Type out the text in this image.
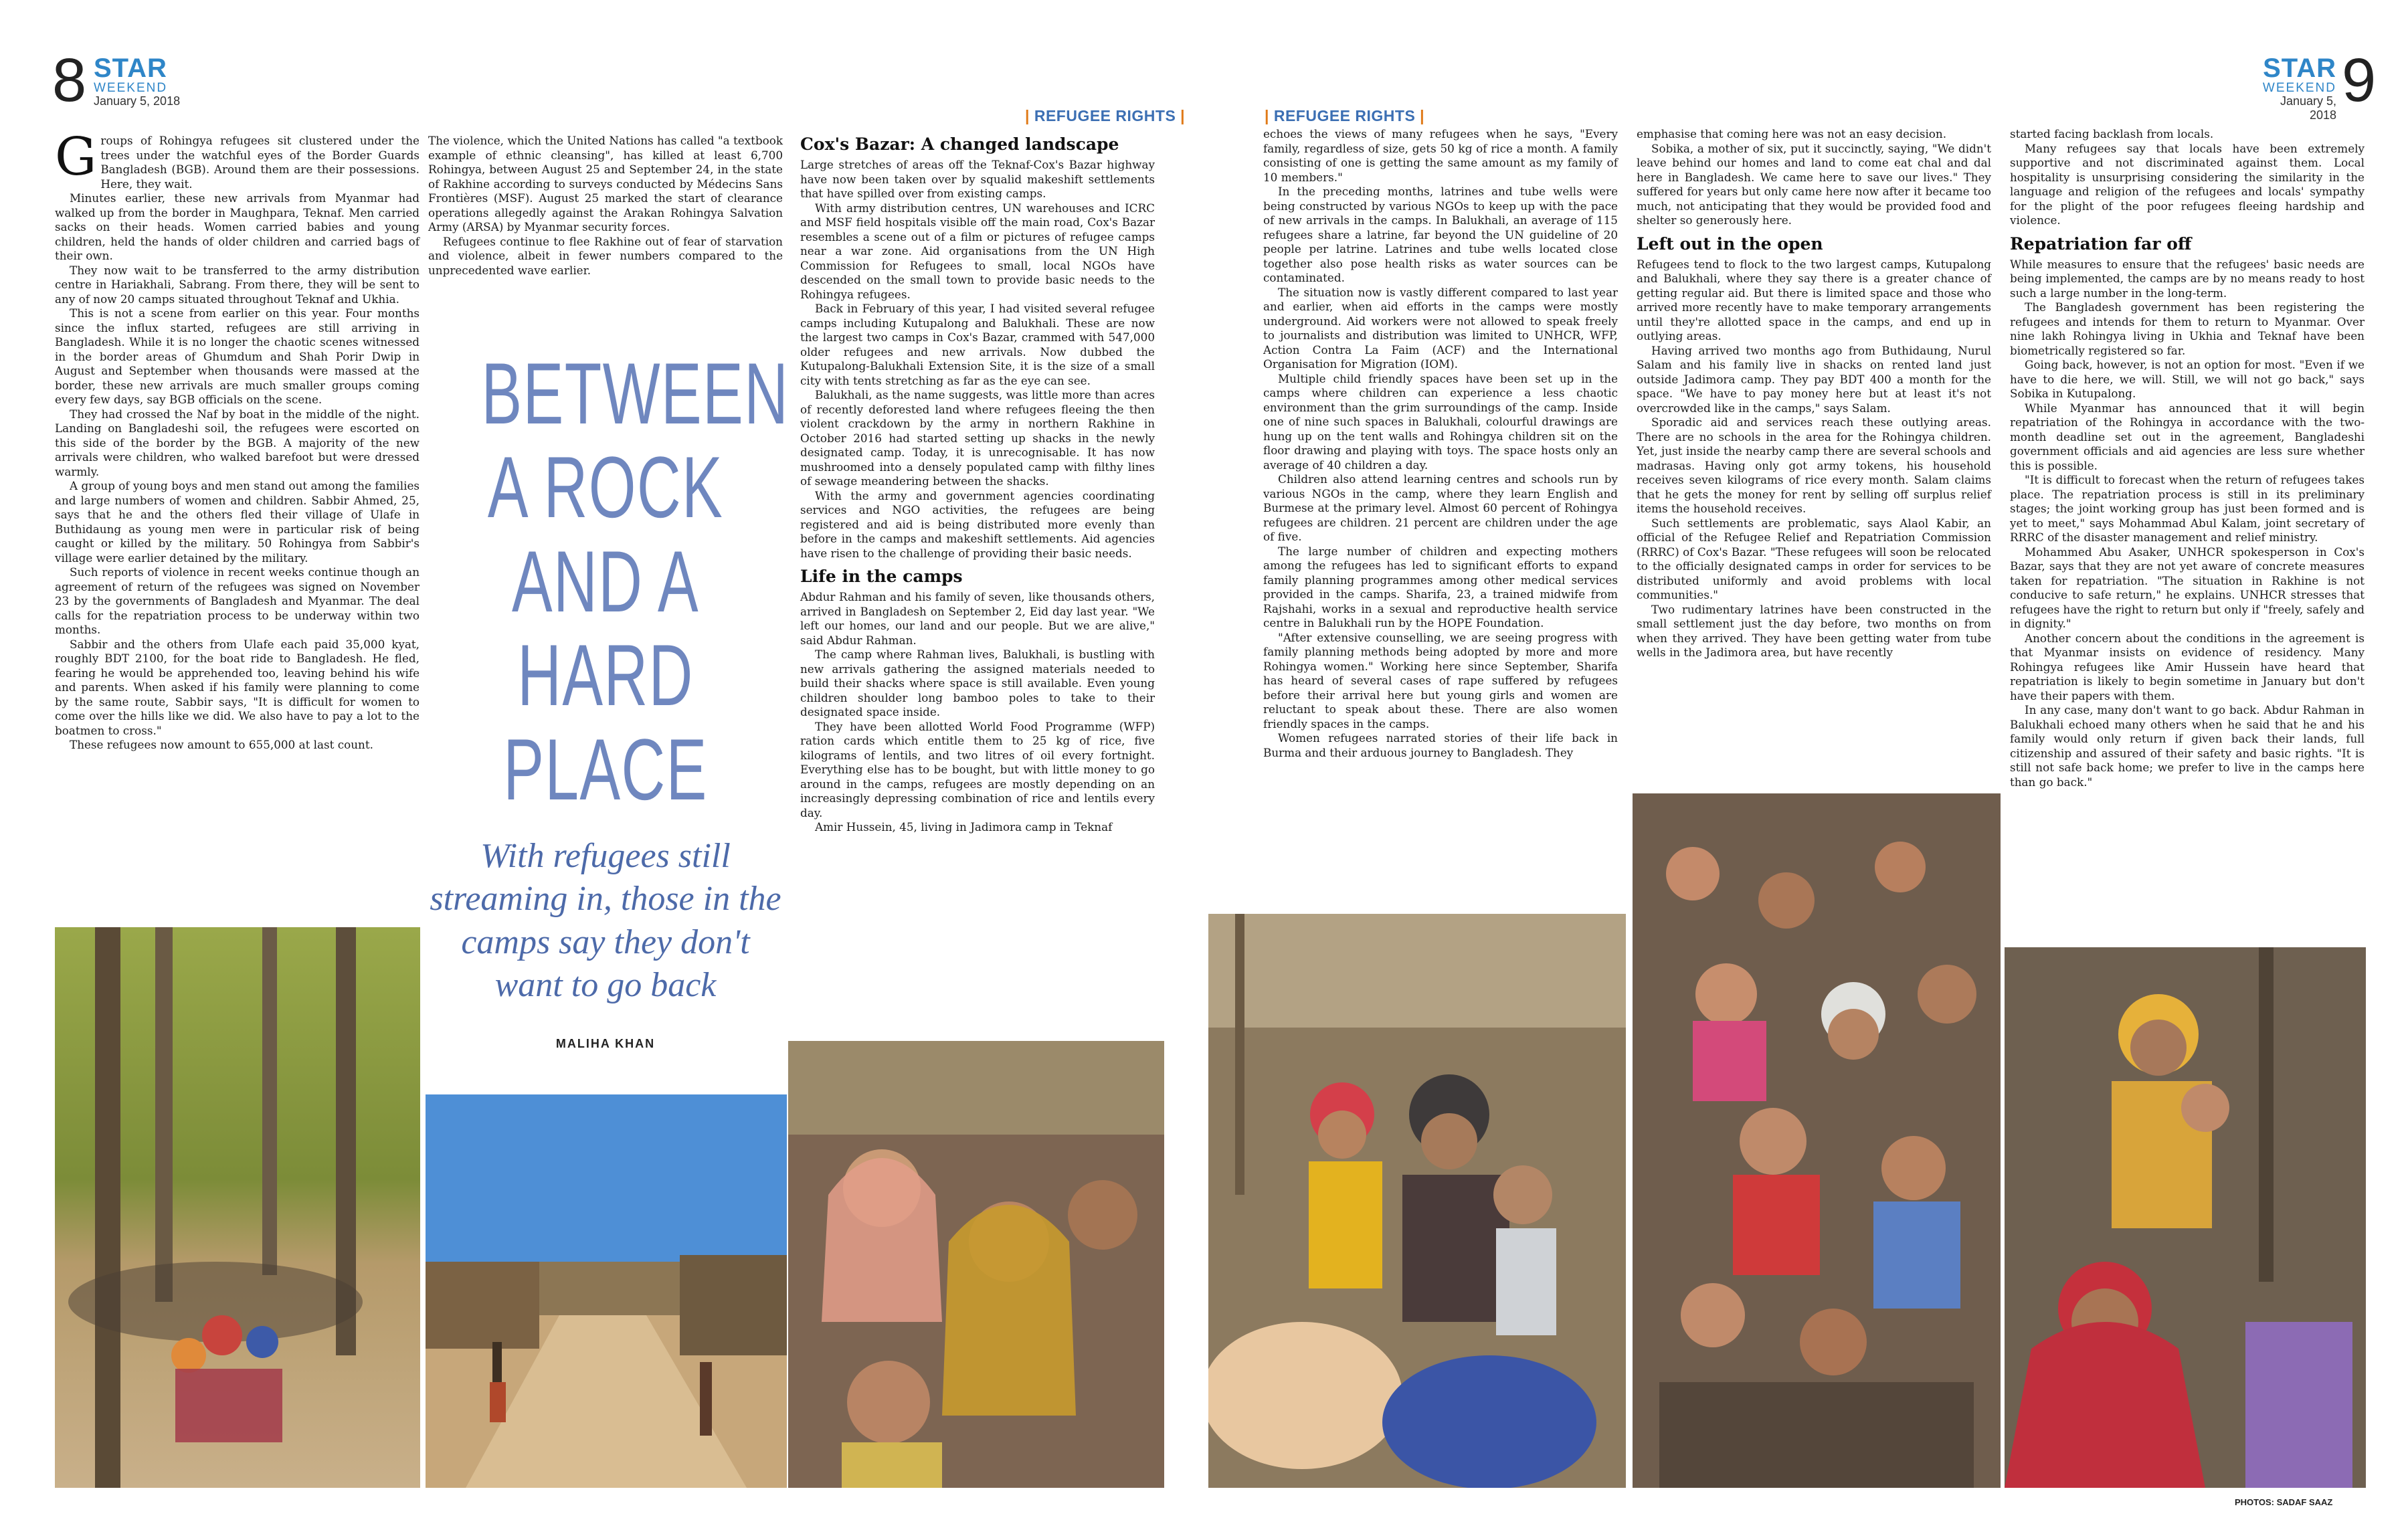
8 STAR
WEEKEND
January 5, 2018
STAR
WEEKEND
January 5, 2018
9
| REFUGEE RIGHTS |	| REFUGEE RIGHTS |

Groups of Rohingya refugees sit clustered under the trees under the watchful eyes of the Border Guards Bangladesh (BGB). Around them are their possessions. Here, they wait.

Minutes earlier, these new arrivals from Myanmar had walked up from the border in Maughpara, Teknaf. Men carried sacks on their heads. Women carried babies and young children, held the hands of older children and carried bags of their own.

They now wait to be transferred to the army distribution centre in Hariakhali, Sabrang. From there, they will be sent to any of now 20 camps situated throughout Teknaf and Ukhia.

This is not a scene from earlier on this year. Four months since the influx started, refugees are still arriving in Bangladesh. While it is no longer the chaotic scenes witnessed in the border areas of Ghumdum and Shah Porir Dwip in August and September when thousands were massed at the border, these new arrivals are much smaller groups coming every few days, say BGB officials on the scene.

They had crossed the Naf by boat in the middle of the night. Landing on Bangladeshi soil, the refugees were escorted on this side of the border by the BGB. A majority of the new arrivals were children, who walked barefoot but were dressed warmly.

A group of young boys and men stand out among the families and large numbers of women and children. Sabbir Ahmed, 25, says that he and the others fled their village of Ulafe in Buthidaung as young men were in particular risk of being caught or killed by the military. 50 Rohingya from Sabbir's village were earlier detained by the military.

Such reports of violence in recent weeks continue though an agreement of return of the refugees was signed on November 23 by the governments of Bangladesh and Myanmar. The deal calls for the repatriation process to be underway within two months.

Sabbir and the others from Ulafe each paid 35,000 kyat, roughly BDT 2100, for the boat ride to Bangladesh. He fled, fearing he would be apprehended too, leaving behind his wife and parents. When asked if his family were planning to come by the same route, Sabbir says, "It is difficult for women to come over the hills like we did. We also have to pay a lot to the boatmen to cross."

These refugees now amount to 655,000 at last count.

The violence, which the United Nations has called "a textbook example of ethnic cleansing", has killed at least 6,700 Rohingya, between August 25 and September 24, in the state of Rakhine according to surveys conducted by Médecins Sans Frontières (MSF). August 25 marked the start of clearance operations allegedly against the Arakan Rohingya Salvation Army (ARSA) by Myanmar security forces.

Refugees continue to flee Rakhine out of fear of starvation and violence, albeit in fewer numbers compared to the unprecedented wave earlier.

BETWEEN
A ROCK
AND A
HARD
PLACE
With refugees still streaming in, those in the camps say they don't want to go back
MALIHA KHAN
Cox's Bazar: A changed landscape

Large stretches of areas off the Teknaf-Cox's Bazar highway have now been taken over by squalid makeshift settlements that have spilled over from existing camps.

With army distribution centres, UN warehouses and ICRC and MSF field hospitals visible off the main road, Cox's Bazar resembles a scene out of a film or pictures of refugee camps near a war zone. Aid organisations from the UN High Commission for Refugees to small, local NGOs have descended on the small town to provide basic needs to the Rohingya refugees.

Back in February of this year, I had visited several refugee camps including Kutupalong and Balukhali. These are now the largest two camps in Cox's Bazar, crammed with 547,000 older refugees and new arrivals. Now dubbed the Kutupalong-Balukhali Extension Site, it is the size of a small city with tents stretching as far as the eye can see.

Balukhali, as the name suggests, was little more than acres of recently deforested land where refugees fleeing the then violent crackdown by the army in northern Rakhine in October 2016 had started setting up shacks in the newly designated camp. Today, it is unrecognisable. It has now mushroomed into a densely populated camp with filthy lines of sewage meandering between the shacks.

With the army and government agencies coordinating services and NGO activities, the refugees are being registered and aid is being distributed more evenly than before in the camps and makeshift settlements. Aid agencies have risen to the challenge of providing their basic needs.

Life in the camps

Abdur Rahman and his family of seven, like thousands others, arrived in Bangladesh on September 2, Eid day last year. "We left our homes, our land and our people. But we are alive," said Abdur Rahman.

The camp where Rahman lives, Balukhali, is bustling with new arrivals gathering the assigned materials needed to build their shacks where space is still available. Even young children shoulder long bamboo poles to take to their designated space inside.

They have been allotted World Food Programme (WFP) ration cards which entitle them to 25 kg of rice, five kilograms of lentils, and two litres of oil every fortnight. Everything else has to be bought, but with little money to go around in the camps, refugees are mostly depending on an increasingly depressing combination of rice and lentils every day.

Amir Hussein, 45, living in Jadimora camp in Teknaf

echoes the views of many refugees when he says, "Every family, regardless of size, gets 50 kg of rice a month. A family consisting of one is getting the same amount as my family of 10 members."

In the preceding months, latrines and tube wells were being constructed by various NGOs to keep up with the pace of new arrivals in the camps. In Balukhali, an average of 115 refugees share a latrine, far beyond the UN guideline of 20 people per latrine. Latrines and tube wells located close together also pose health risks as water sources can be contaminated.

The situation now is vastly different compared to last year and earlier, when aid efforts in the camps were mostly underground. Aid workers were not allowed to speak freely to journalists and distribution was limited to UNHCR, WFP, Action Contra La Faim (ACF) and the International Organisation for Migration (IOM).

Multiple child friendly spaces have been set up in the camps where children can experience a less chaotic environment than the grim surroundings of the camp. Inside one of nine such spaces in Balukhali, colourful drawings are hung up on the tent walls and Rohingya children sit on the floor drawing and playing with toys. The space hosts only an average of 40 children a day.

Children also attend learning centres and schools run by various NGOs in the camp, where they learn English and Burmese at the primary level. Almost 60 percent of Rohingya refugees are children. 21 percent are children under the age of five.

The large number of children and expecting mothers among the refugees has led to significant efforts to expand family planning programmes among other medical services provided in the camps. Sharifa, 23, a trained midwife from Rajshahi, works in a sexual and reproductive health service centre in Balukhali run by the HOPE Foundation.

"After extensive counselling, we are seeing progress with family planning methods being adopted by more and more Rohingya women." Working here since September, Sharifa has heard of several cases of rape suffered by refugees before their arrival here but young girls and women are reluctant to speak about these. There are also women friendly spaces in the camps.

Women refugees narrated stories of their life back in Burma and their arduous journey to Bangladesh. They

emphasise that coming here was not an easy decision.

Sobika, a mother of six, put it succinctly, saying, "We didn't leave behind our homes and land to come eat chal and dal here in Bangladesh. We came here to save our lives." They suffered for years but only came here now after it became too much, not anticipating that they would be provided food and shelter so generously here.

Left out in the open

Refugees tend to flock to the two largest camps, Kutupalong and Balukhali, where they say there is a greater chance of getting regular aid. But there is limited space and those who arrived more recently have to make temporary arrangements until they're allotted space in the camps, and end up in outlying areas.

Having arrived two months ago from Buthidaung, Nurul Salam and his family live in shacks on rented land just outside Jadimora camp. They pay BDT 400 a month for the space. "We have to pay money here but at least it's not overcrowded like in the camps," says Salam.

Sporadic aid and services reach these outlying areas. There are no schools in the area for the Rohingya children. Yet, just inside the nearby camp there are several schools and madrasas. Having only got army tokens, his household receives seven kilograms of rice every month. Salam claims that he gets the money for rent by selling off surplus relief items the household receives.

Such settlements are problematic, says Alaol Kabir, an official of the Refugee Relief and Repatriation Commission (RRRC) of Cox's Bazar. "These refugees will soon be relocated to the officially designated camps in order for services to be distributed uniformly and avoid problems with local communities."

Two rudimentary latrines have been constructed in the small settlement just the day before, two months on from when they arrived. They have been getting water from tube wells in the Jadimora area, but have recently

started facing backlash from locals.

Many refugees say that locals have been extremely supportive and not discriminated against them. Local hospitality is unsurprising considering the similarity in the language and religion of the refugees and locals' sympathy for the plight of the poor refugees fleeing hardship and violence.

Repatriation far off

While measures to ensure that the refugees' basic needs are being implemented, the camps are by no means ready to host such a large number in the long-term.

The Bangladesh government has been registering the refugees and intends for them to return to Myanmar. Over nine lakh Rohingya living in Ukhia and Teknaf have been biometrically registered so far.

Going back, however, is not an option for most. "Even if we have to die here, we will. Still, we will not go back," says Sobika in Kutupalong.

While Myanmar has announced that it will begin repatriation of the Rohingya in accordance with the two-month deadline set out in the agreement, Bangladeshi government officials and aid agencies are less sure whether this is possible.

"It is difficult to forecast when the return of refugees takes place. The repatriation process is still in its preliminary stages; the joint working group has just been formed and is yet to meet," says Mohammad Abul Kalam, joint secretary of RRRC of the disaster management and relief ministry.

Mohammed Abu Asaker, UNHCR spokesperson in Cox's Bazar, says that they are not yet aware of concrete measures taken for repatriation. "The situation in Rakhine is not conducive to safe return," he explains. UNHCR stresses that refugees have the right to return but only if "freely, safely and in dignity."

Another concern about the conditions in the agreement is that Myanmar insists on evidence of residency. Many Rohingya refugees like Amir Hussein have heard that repatriation is likely to begin sometime in January but don't have their papers with them.

In any case, many don't want to go back. Abdur Rahman in Balukhali echoed many others when he said that he and his family would only return if given back their lands, full citizenship and assured of their safety and basic rights. "It is still not safe back home; we prefer to live in the camps here than go back."

PHOTOS: SADAF SAAZ
